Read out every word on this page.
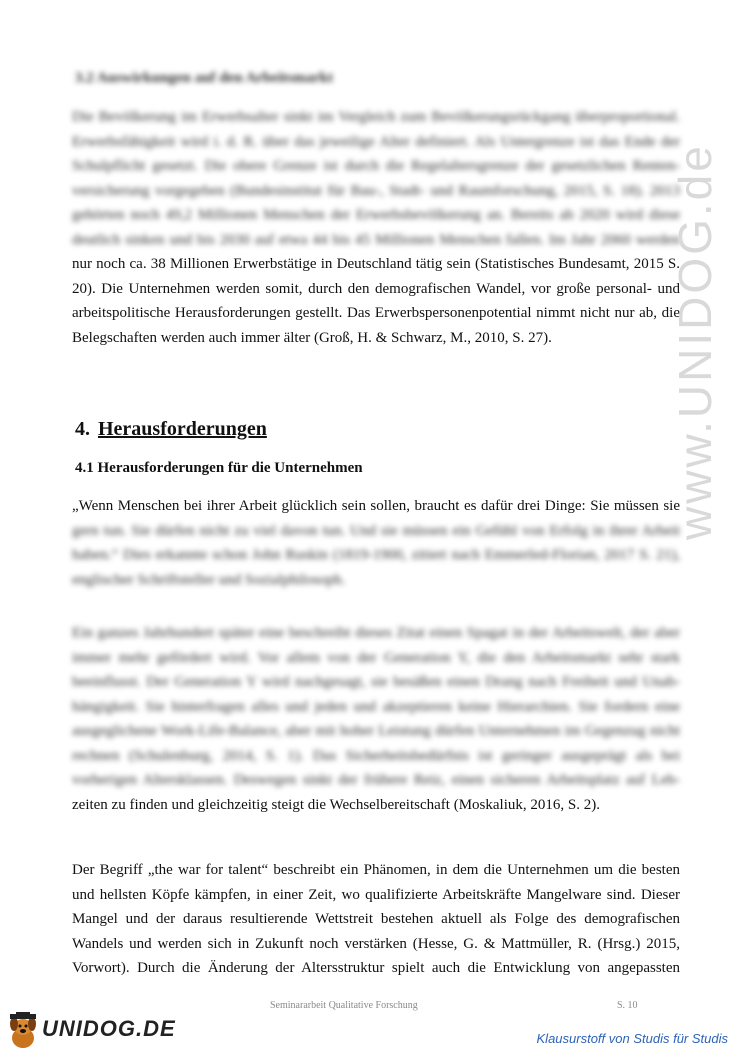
3.2 Auswirkungen auf den Arbeitsmarkt
Die Bevölkerung im Erwerbsalter sinkt im Vergleich zum Bevölkerungsrückgang überproportional.
Erwerbsfähigkeit wird i. d. R. über das jeweilige Alter definiert. Als Untergrenze ist das Ende der
Schulpflicht gesetzt. Die obere Grenze ist durch die Regelaltersgrenze der gesetzlichen Renten-
versicherung vorgegeben (Bundesinstitut für Bau-, Stadt- und Raumforschung, 2015, S. 18). 2013
gehörten noch 49,2 Millionen Menschen der Erwerbsbevölkerung an. Bereits ab 2020 wird diese
deutlich sinken und bis 2030 auf etwa 44 bis 45 Millionen Menschen fallen. Im Jahr 2060 werden
nur noch ca. 38 Millionen Erwerbstätige in Deutschland tätig sein (Statistisches Bundesamt, 2015 S.
20). Die Unternehmen werden somit, durch den demografischen Wandel, vor große personal- und
arbeitspolitische Herausforderungen gestellt. Das Erwerbspersonenpotential nimmt nicht nur ab, die
Belegschaften werden auch immer älter (Groß, H. & Schwarz, M., 2010, S. 27).
4. Herausforderungen
4.1 Herausforderungen für die Unternehmen
„Wenn Menschen bei ihrer Arbeit glücklich sein sollen, braucht es dafür drei Dinge: Sie müssen sie
gern tun. Sie dürfen nicht zu viel davon tun. Und sie müssen ein Gefühl von Erfolg in ihrer Arbeit
haben.“ Dies erkannte schon John Ruskin (1819-1900, zitiert nach Emmerled-Florian, 2017 S. 21),
englischer Schriftsteller und Sozialphilosoph.
Ein ganzes Jahrhundert später eine beschreibt dieses Zitat einen Spagat in der Arbeitswelt, der aber
immer mehr gefördert wird. Vor allem von der Generation Y, die den Arbeitsmarkt sehr stark
beeinflusst. Der Generation Y wird nachgesagt, sie besäßen einen Drang nach Freiheit und Unab-
hängigkeit. Sie hinterfragen alles und jeden und akzeptieren keine Hierarchien. Sie fordern eine
ausgeglichene Work-Life-Balance, aber mit hoher Leistung dürfen Unternehmen im Gegenzug nicht
rechnen (Schulenburg, 2014, S. 1). Das Sicherheitsbedürfnis ist geringer ausgeprägt als bei
vorherigen Altersklassen. Deswegen sinkt der frühere Reiz, einen sicheren Arbeitsplatz auf Leb-
zeiten zu finden und gleichzeitig steigt die Wechselbereitschaft (Moskaliuk, 2016, S. 2).
Der Begriff „the war for talent“ beschreibt ein Phänomen, in dem die Unternehmen um die besten
und hellsten Köpfe kämpfen, in einer Zeit, wo qualifizierte Arbeitskräfte Mangelware sind. Dieser
Mangel und der daraus resultierende Wettstreit bestehen aktuell als Folge des demografischen
Wandels und werden sich in Zukunft noch verstärken (Hesse, G. & Mattmüller, R. (Hrsg.) 2015,
Vorwort). Durch die Änderung der Altersstruktur spielt auch die Entwicklung von angepassten
Seminararbeit Qualitative Forschung	S. 10
www.UNIDOG.de
UNIDOG.DE	Klausurstoff von Studis für Studis
